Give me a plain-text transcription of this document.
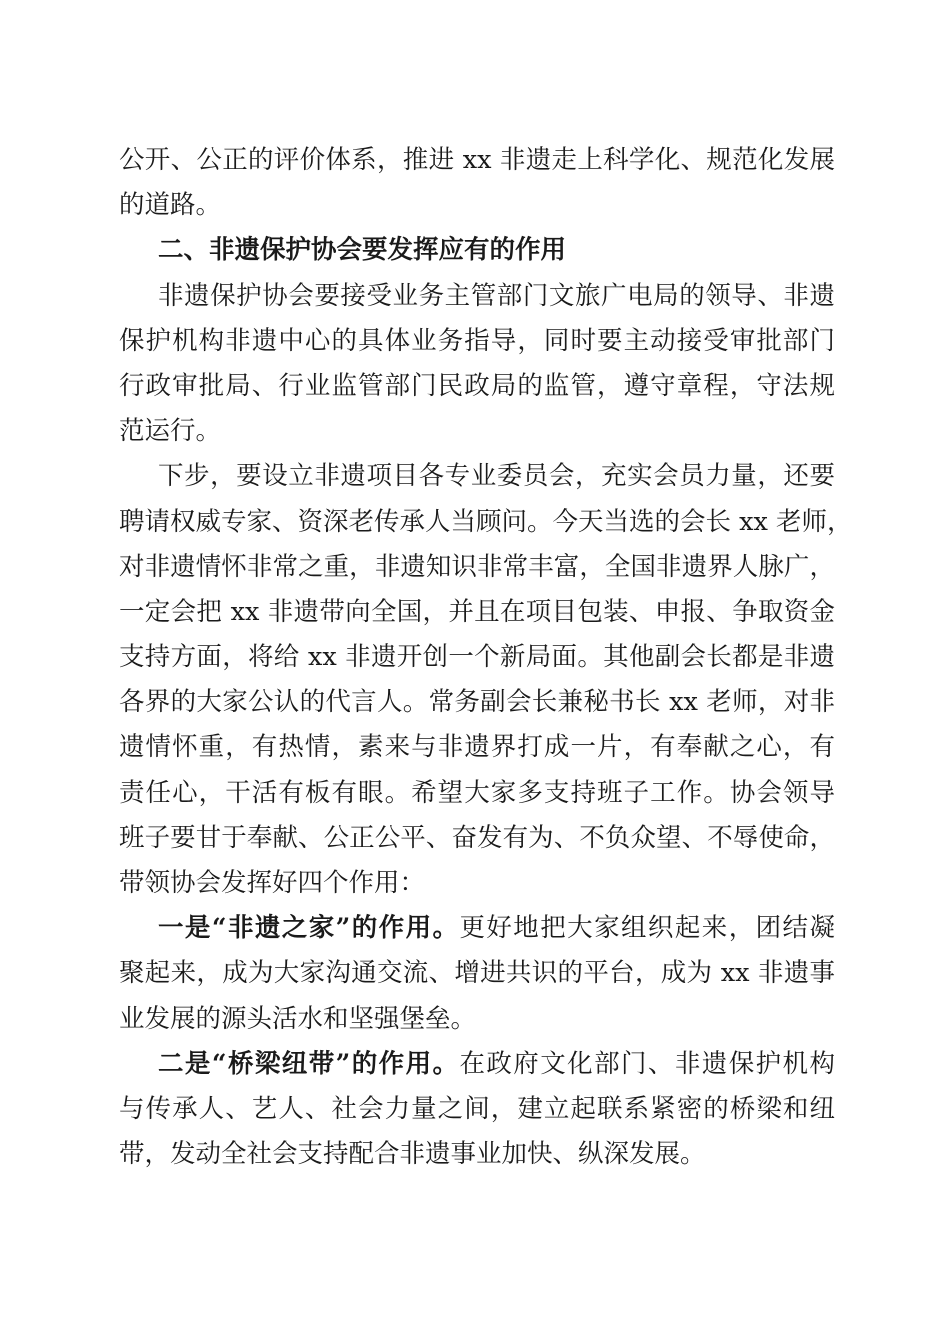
公开、公正的评价体系，推进 xx 非遗走上科学化、规范化发展
的道路。
二、非遗保护协会要发挥应有的作用
非遗保护协会要接受业务主管部门文旅广电局的领导、非遗
保护机构非遗中心的具体业务指导，同时要主动接受审批部门
行政审批局、行业监管部门民政局的监管，遵守章程，守法规
范运行。
下步，要设立非遗项目各专业委员会，充实会员力量，还要
聘请权威专家、资深老传承人当顾问。今天当选的会长 xx 老师，
对非遗情怀非常之重，非遗知识非常丰富，全国非遗界人脉广，
一定会把 xx 非遗带向全国，并且在项目包装、申报、争取资金
支持方面，将给 xx 非遗开创一个新局面。其他副会长都是非遗
各界的大家公认的代言人。常务副会长兼秘书长 xx 老师，对非
遗情怀重，有热情，素来与非遗界打成一片，有奉献之心，有
责任心，干活有板有眼。希望大家多支持班子工作。协会领导
班子要甘于奉献、公正公平、奋发有为、不负众望、不辱使命，
带领协会发挥好四个作用：
一是“非遗之家”的作用。更好地把大家组织起来，团结凝
聚起来，成为大家沟通交流、增进共识的平台，成为 xx 非遗事
业发展的源头活水和坚强堡垒。
二是“桥梁纽带”的作用。在政府文化部门、非遗保护机构
与传承人、艺人、社会力量之间，建立起联系紧密的桥梁和纽
带，发动全社会支持配合非遗事业加快、纵深发展。
